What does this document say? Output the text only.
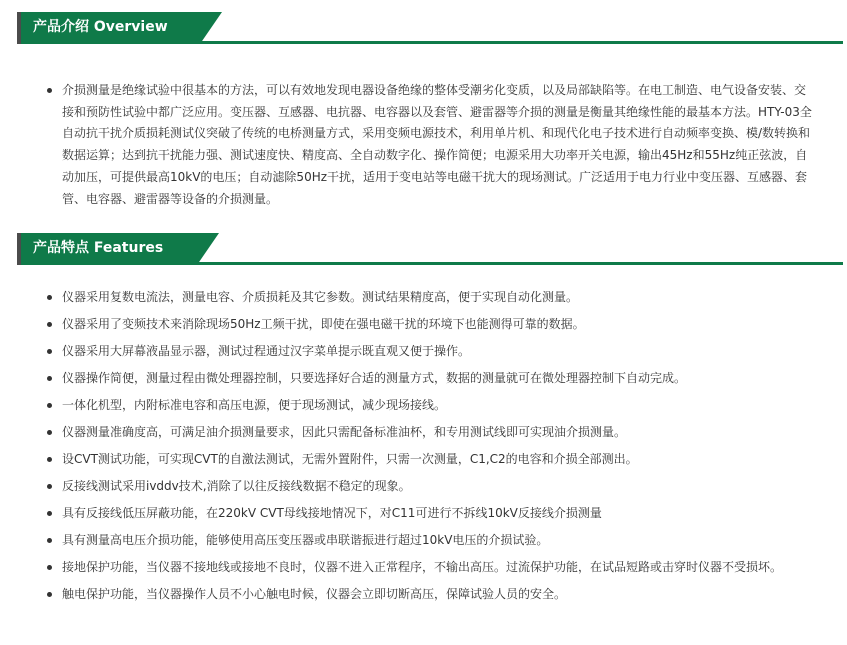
产品介绍 Overview
介损测量是绝缘试验中很基本的方法，可以有效地发现电器设备绝缘的整体受潮劣化变质，以及局部缺陷等。在电工制造、电气设备安装、交接和预防性试验中都广泛应用。变压器、互感器、电抗器、电容器以及套管、避雷器等介损的测量是衡量其绝缘性能的最基本方法。HTY-03全自动抗干扰介质损耗测试仪突破了传统的电桥测量方式，采用变频电源技术，利用单片机、和现代化电子技术进行自动频率变换、模/数转换和数据运算；达到抗干扰能力强、测试速度快、精度高、全自动数字化、操作简便；电源采用大功率开关电源，输出45Hz和55Hz纯正弦波，自动加压，可提供最高10kV的电压；自动滤除50Hz干扰，适用于变电站等电磁干扰大的现场测试。广泛适用于电力行业中变压器、互感器、套管、电容器、避雷器等设备的介损测量。
产品特点 Features
仪器采用复数电流法，测量电容、介质损耗及其它参数。测试结果精度高，便于实现自动化测量。
仪器采用了变频技术来消除现场50Hz工频干扰，即使在强电磁干扰的环境下也能测得可靠的数据。
仪器采用大屏幕液晶显示器，测试过程通过汉字菜单提示既直观又便于操作。
仪器操作简便，测量过程由微处理器控制，只要选择好合适的测量方式，数据的测量就可在微处理器控制下自动完成。
一体化机型，内附标准电容和高压电源，便于现场测试，减少现场接线。
仪器测量准确度高，可满足油介损测量要求，因此只需配备标准油杯，和专用测试线即可实现油介损测量。
设CVT测试功能，可实现CVT的自激法测试，无需外置附件，只需一次测量，C1,C2的电容和介损全部测出。
反接线测试采用ivddv技术,消除了以往反接线数据不稳定的现象。
具有反接线低压屏蔽功能，在220kV CVT母线接地情况下，对C11可进行不拆线10kV反接线介损测量
具有测量高电压介损功能，能够使用高压变压器或串联谐振进行超过10kV电压的介损试验。
接地保护功能，当仪器不接地线或接地不良时，仪器不进入正常程序，不输出高压。过流保护功能，在试品短路或击穿时仪器不受损坏。
触电保护功能，当仪器操作人员不小心触电时候，仪器会立即切断高压，保障试验人员的安全。
